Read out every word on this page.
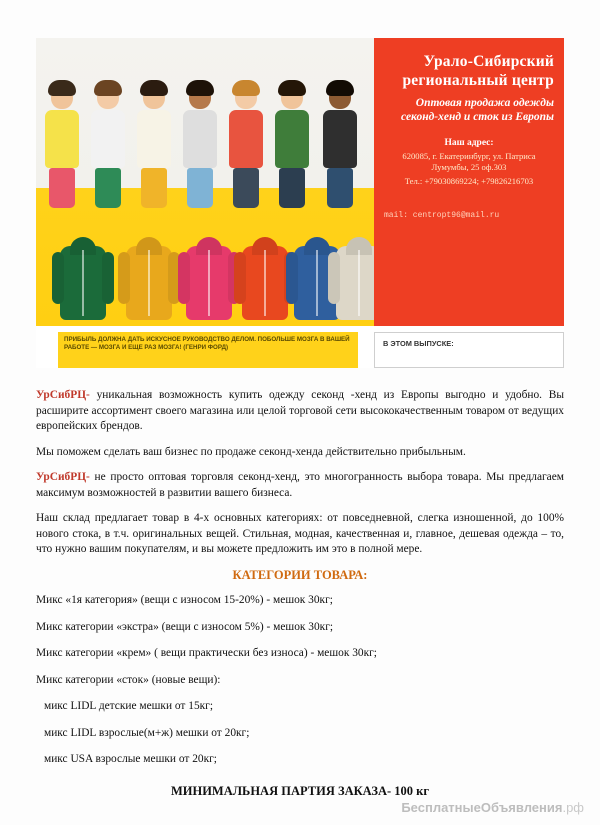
Урало-Сибирский региональный центр
Оптовая продажа одежды секонд-хенд и сток из Европы
Наш адрес:
620085, г. Екатеринбург, ул. Патриса Лумумбы, 25 оф.303
Тел.: +79030869224; +79826216703
mail: centropt96@mail.ru
ПРИБЫЛЬ ДОЛЖНА ДАТЬ ИСКУСНОЕ РУКОВОДСТВО ДЕЛОМ. ПОБОЛЬШЕ МОЗГА В ВАШЕЙ РАБОТЕ — МОЗГА И ЕЩЕ РАЗ МОЗГА! (ГЕНРИ ФОРД)	В ЭТОМ ВЫПУСКЕ:

УрСибРЦ- уникальная возможность купить одежду секонд -хенд из Европы выгодно и удобно. Вы расширите ассортимент своего магазина или целой торговой сети высококачественным товаром от ведущих европейских брендов.

Мы поможем сделать ваш бизнес по продаже секонд-хенда действительно прибыльным.

УрСибРЦ- не просто оптовая торговля секонд-хенд, это многогранность выбора товара. Мы предлагаем максимум возможностей в развитии вашего бизнеса.

Наш склад предлагает товар в 4-х основных категориях: от повседневной, слегка изношенной, до 100% нового стока, в т.ч. оригинальных вещей. Стильная, модная, качественная и, главное, дешевая одежда – то, что нужно вашим покупателям, и вы можете предложить им это в полной мере.

КАТЕГОРИИ ТОВАРА:
Микс «1я категория» (вещи с износом 15-20%) - мешок 30кг;
Микс категории «экстра» (вещи с износом 5%) - мешок 30кг;
Микс категории «крем» ( вещи практически без износа) - мешок 30кг;
Микс категории «сток» (новые вещи):
микс LIDL детские мешки от 15кг;
микс LIDL взрослые(м+ж) мешки от 20кг;
микс USA взрослые мешки от 20кг;
МИНИМАЛЬНАЯ ПАРТИЯ ЗАКАЗА- 100 кг
БесплатныеОбъявления.рф
